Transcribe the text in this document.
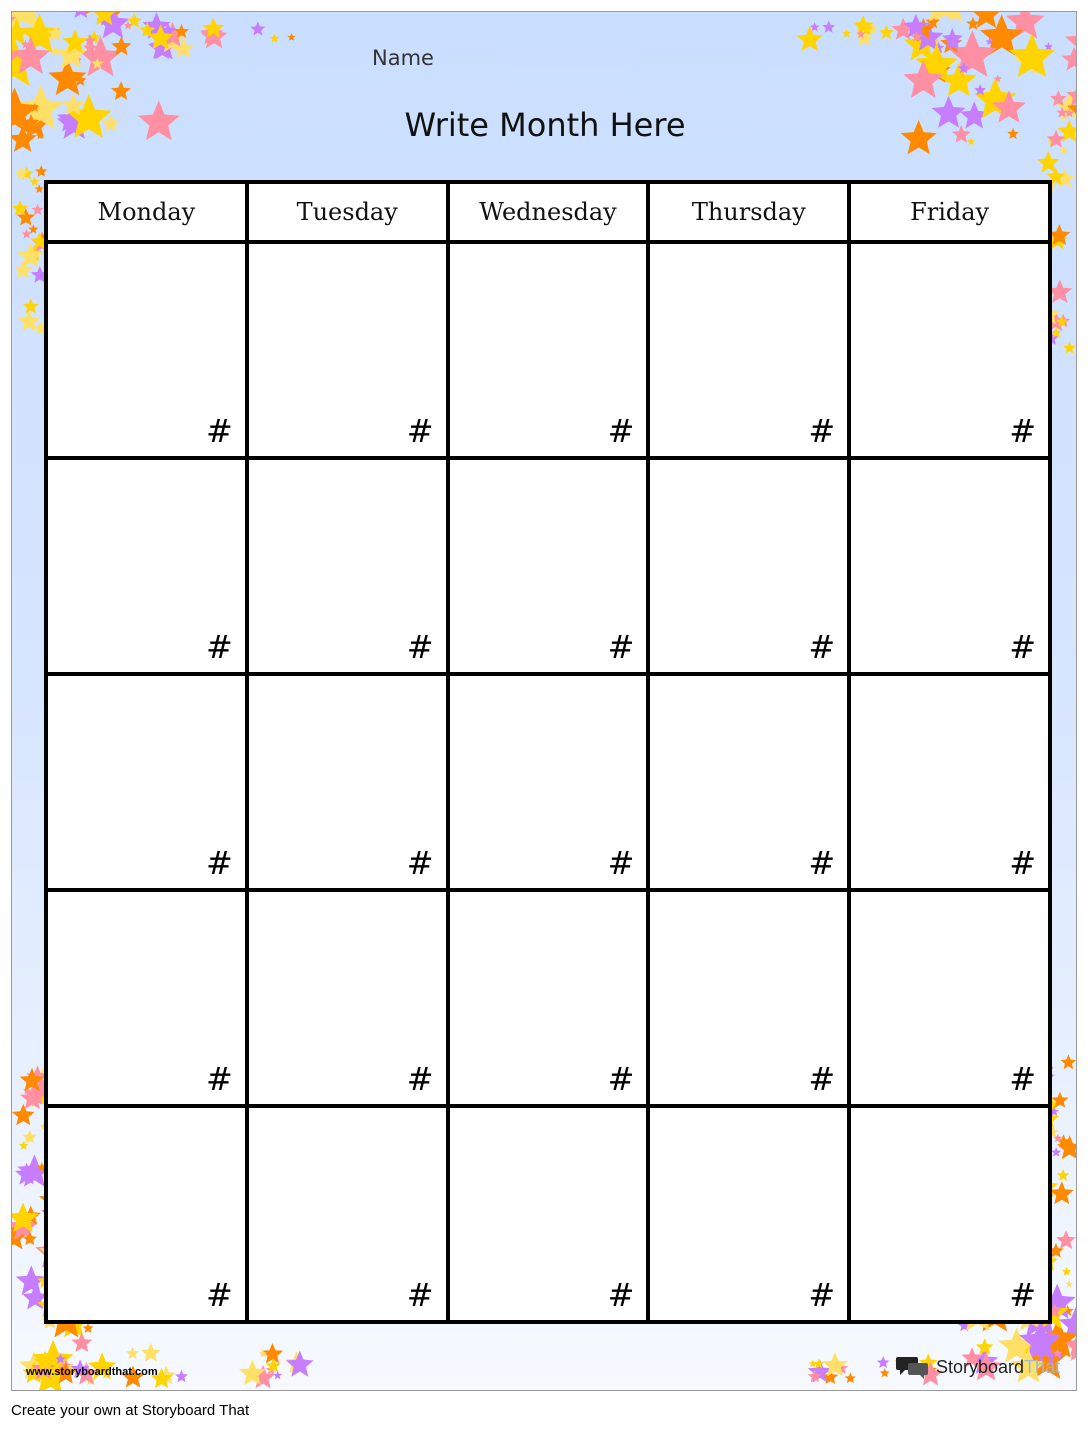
Name
Write Month Here
Monday	Tuesday	Wednesday	Thursday	Friday

#	#	#	#	#

#	#	#	#	#

#	#	#	#	#

#	#	#	#	#

#	#	#	#	#
www.storyboardthat.com	Storyboard That
Create your own at Storyboard That
